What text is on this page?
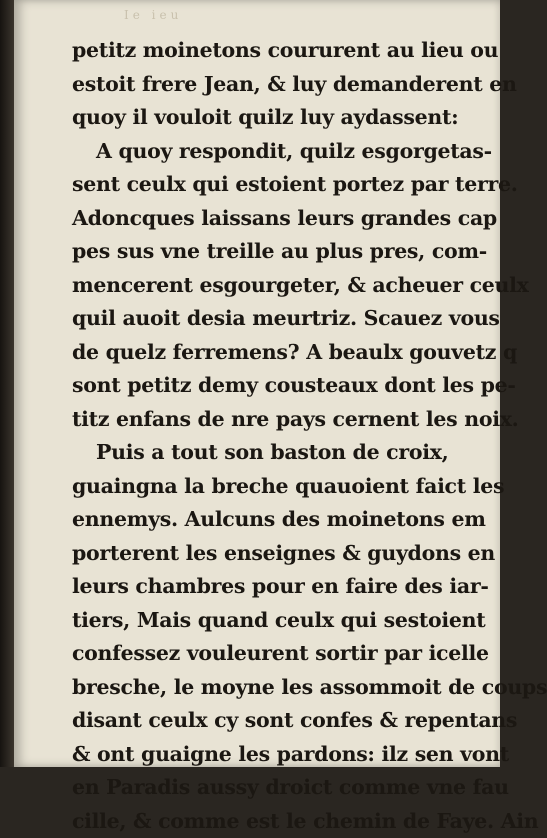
Ie ieu
petitz moinetons coururent au lieu ou
estoit frere Jean, & luy demanderent en
quoy il vouloit quilz luy aydassent:
A quoy respondit, quilz esgorgetas-
sent ceulx qui estoient portez par terre.
Adoncques laissans leurs grandes cap
pes sus vne treille au plus pres, com-
mencerent esgourgeter, & acheuer ceulx
quil auoit desia meurtriz. Scauez vous
de quelz ferremens? A beaulx gouvetz q
sont petitz demy cousteaux dont les pe-
titz enfans de nre pays cernent les noix.
Puis a tout son baston de croix,
guaingna la breche quauoient faict les
ennemys. Aulcuns des moinetons em
porterent les enseignes & guydons en
leurs chambres pour en faire des iar-
tiers, Mais quand ceulx qui sestoient
confessez vouleurent sortir par icelle
bresche, le moyne les assommoit de coups
disant ceulx cy sont confes & repentans
& ont guaigne les pardons: ilz sen vont
en Paradis aussy droict comme vne fau
cille, & comme est le chemin de Faye. Ain
